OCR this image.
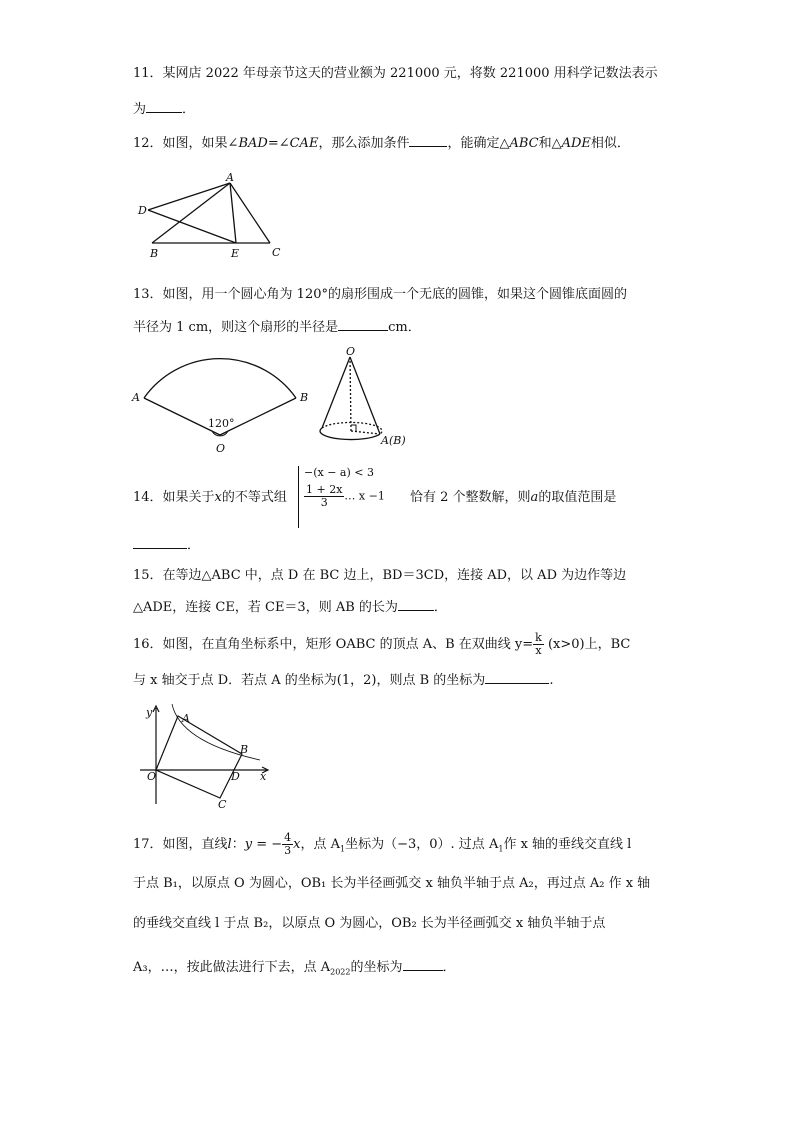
11．某网店 2022 年母亲节这天的营业额为 221000 元，将数 221000 用科学记数法表示
为	．
12．如图，如果∠BAD=∠CAE，那么添加条件	，能确定△ABC和△ADE相似．
A
D
B	E	C
13．如图，用一个圆心角为 120°的扇形围成一个无底的圆锥，如果这个圆锥底面圆的
半径为 1 cm，则这个扇形的半径是	cm．
A	B
O
120°
O
A(B)
14．如果关于x的不等式组
−(x − a) < 3
$\frac{1 + 2x}{3}$ … x −1 恰有 2 个整数解，则a的取值范围是
．
15．在等边△ABC 中，点 D 在 BC 边上，BD＝3CD，连接 AD，以 AD 为边作等边
△ADE，连接 CE，若 CE＝3，则 AB 的长为	．
16．如图，在直角坐标系中，矩形 OABC 的顶点 A、B 在双曲线 $y= \frac{k}{x} (x>0)$上，BC
与 x 轴交于点 D．若点 A 的坐标为(1，2)，则点 B 的坐标为	.
y
x
O
A
B
D
C
17．如图，直线l：y = − $\frac{4}{3}$ x，点 $A_1$坐标为（−3，0）. 过点 $A_1$作 x 轴的垂线交直线 l
于点 B₁，以原点 O 为圆心，OB₁ 长为半径画弧交 x 轴负半轴于点 A₂，再过点 A₂ 作 x 轴
的垂线交直线 l 于点 B₂，以原点 O 为圆心，OB₂ 长为半径画弧交 x 轴负半轴于点
A₃，…，按此做法进行下去，点 $A_{2022}$的坐标为	．
